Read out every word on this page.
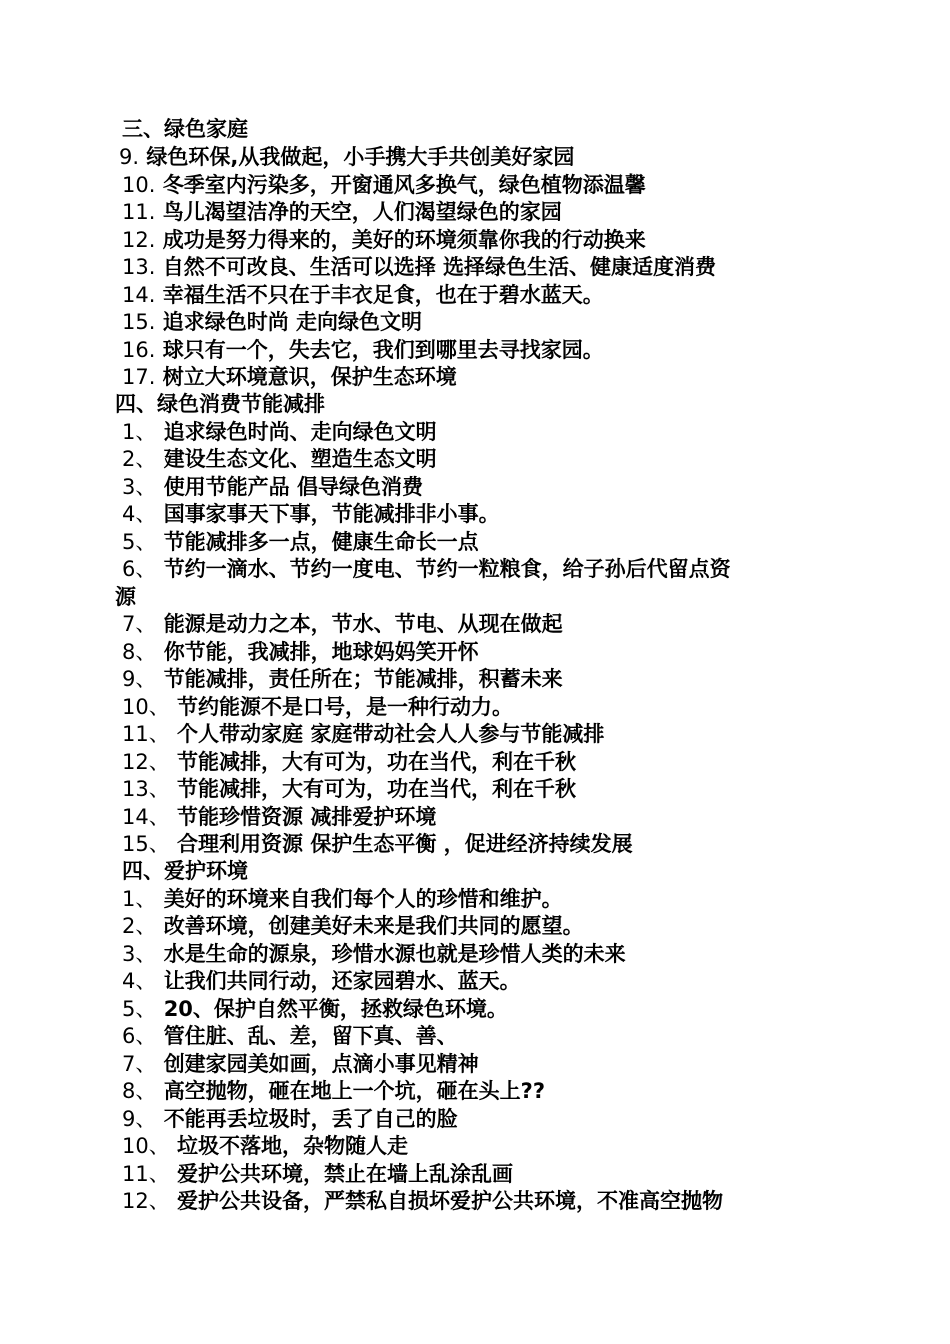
三、绿色家庭
9. 绿色环保,从我做起，小手携大手共创美好家园
10. 冬季室内污染多，开窗通风多换气，绿色植物添温馨
11. 鸟儿渴望洁净的天空，人们渴望绿色的家园
12. 成功是努力得来的，美好的环境须靠你我的行动换来
13. 自然不可改良、生活可以选择 选择绿色生活、健康适度消费
14. 幸福生活不只在于丰衣足食，也在于碧水蓝天。
15. 追求绿色时尚 走向绿色文明
16. 球只有一个，失去它，我们到哪里去寻找家园。
17. 树立大环境意识，保护生态环境
四、绿色消费节能减排
1、 追求绿色时尚、走向绿色文明
2、 建设生态文化、塑造生态文明
3、 使用节能产品 倡导绿色消费
4、 国事家事天下事，节能减排非小事。
5、 节能减排多一点，健康生命长一点
6、 节约一滴水、节约一度电、节约一粒粮食，给子孙后代留点资
源
7、 能源是动力之本，节水、节电、从现在做起
8、 你节能，我减排，地球妈妈笑开怀
9、 节能减排，责任所在；节能减排，积蓄未来
10、 节约能源不是口号，是一种行动力。
11、 个人带动家庭 家庭带动社会人人参与节能减排
12、 节能减排，大有可为，功在当代，利在千秋
13、 节能减排，大有可为，功在当代，利在千秋
14、 节能珍惜资源 减排爱护环境
15、 合理利用资源 保护生态平衡 ，促进经济持续发展
四、爱护环境
1、 美好的环境来自我们每个人的珍惜和维护。
2、 改善环境，创建美好未来是我们共同的愿望。
3、 水是生命的源泉，珍惜水源也就是珍惜人类的未来
4、 让我们共同行动，还家园碧水、蓝天。
5、 20、保护自然平衡，拯救绿色环境。
6、 管住脏、乱、差，留下真、善、
7、 创建家园美如画，点滴小事见精神
8、 高空抛物，砸在地上一个坑，砸在头上??
9、 不能再丢垃圾时，丢了自己的脸
10、 垃圾不落地，杂物随人走
11、 爱护公共环境，禁止在墙上乱涂乱画
12、 爱护公共设备，严禁私自损坏爱护公共环境，不准高空抛物
